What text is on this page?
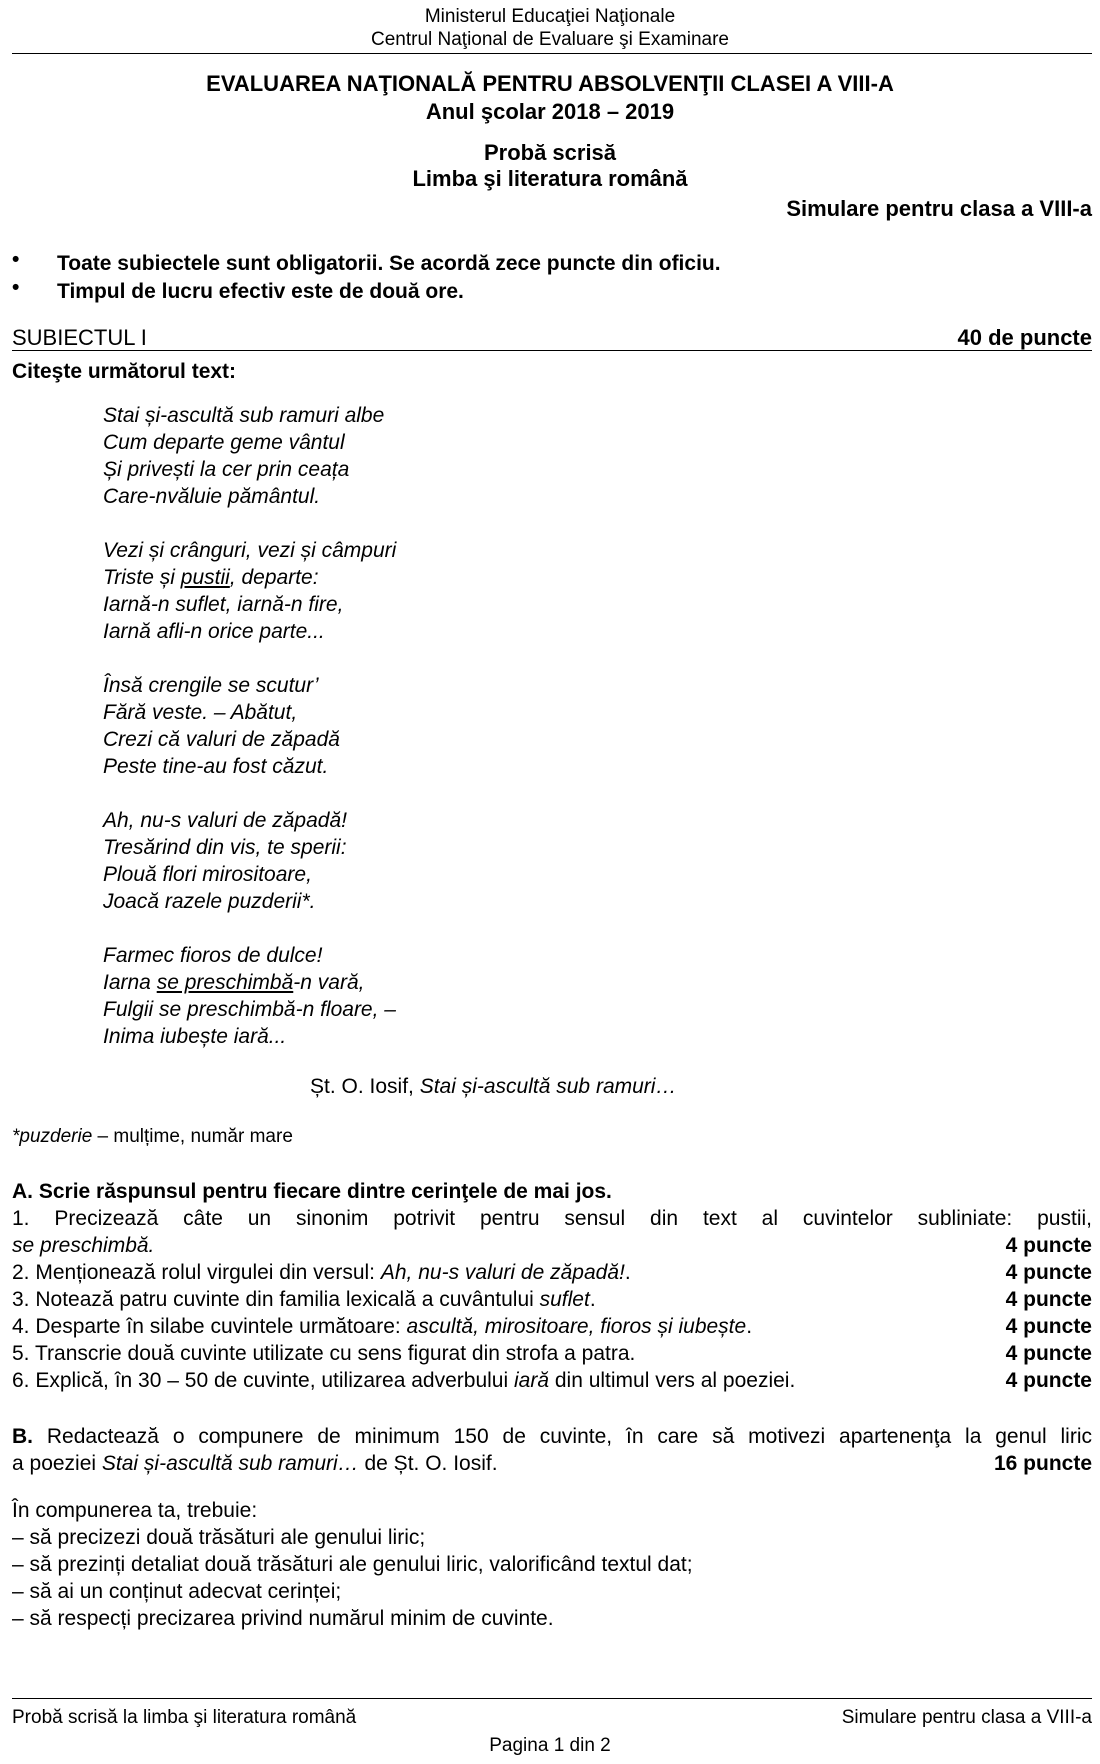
Ministerul Educaţiei Naţionale
Centrul Naţional de Evaluare şi Examinare
EVALUAREA NAŢIONALĂ PENTRU ABSOLVENŢII CLASEI A VIII-A
Anul şcolar 2018 – 2019
Probă scrisă
Limba şi literatura română
Simulare pentru clasa a VIII-a
• Toate subiectele sunt obligatorii. Se acordă zece puncte din oficiu.
• Timpul de lucru efectiv este de două ore.
SUBIECTUL I	40 de puncte
Citeşte următorul text:
Stai și-ascultă sub ramuri albe
Cum departe geme vântul
Și privești la cer prin ceața
Care-nvăluie pământul.
Vezi și crânguri, vezi și câmpuri
Triste și pustii, departe:
Iarnă-n suflet, iarnă-n fire,
Iarnă afli-n orice parte...
Însă crengile se scutur’
Fără veste. – Abătut,
Crezi că valuri de zăpadă
Peste tine-au fost căzut.
Ah, nu-s valuri de zăpadă!
Tresărind din vis, te sperii:
Plouă flori mirositoare,
Joacă razele puzderii*.
Farmec fioros de dulce!
Iarna se preschimbă-n vară,
Fulgii se preschimbă-n floare, –
Inima iubește iară...
Șt. O. Iosif, Stai și-ascultă sub ramuri…
*puzderie – mulțime, număr mare
A. Scrie răspunsul pentru fiecare dintre cerinţele de mai jos.
1. Precizează câte un sinonim potrivit pentru sensul din text al cuvintelor subliniate: pustii,
se preschimbă.	4 puncte
2. Menționează rolul virgulei din versul: Ah, nu-s valuri de zăpadă!.	4 puncte
3. Notează patru cuvinte din familia lexicală a cuvântului suflet.	4 puncte
4. Desparte în silabe cuvintele următoare: ascultă, mirositoare, fioros și iubește.	4 puncte
5. Transcrie două cuvinte utilizate cu sens figurat din strofa a patra.	4 puncte
6. Explică, în 30 – 50 de cuvinte, utilizarea adverbului iară din ultimul vers al poeziei.	4 puncte
B. Redactează o compunere de minimum 150 de cuvinte, în care să motivezi apartenenţa la genul liric
a poeziei Stai și-ascultă sub ramuri… de Șt. O. Iosif.	16 puncte
În compunerea ta, trebuie:
– să precizezi două trăsături ale genului liric;
– să prezinți detaliat două trăsături ale genului liric, valorificând textul dat;
– să ai un conținut adecvat cerinței;
– să respecți precizarea privind numărul minim de cuvinte.
Probă scrisă la limba şi literatura română	Simulare pentru clasa a VIII-a
Pagina 1 din 2
